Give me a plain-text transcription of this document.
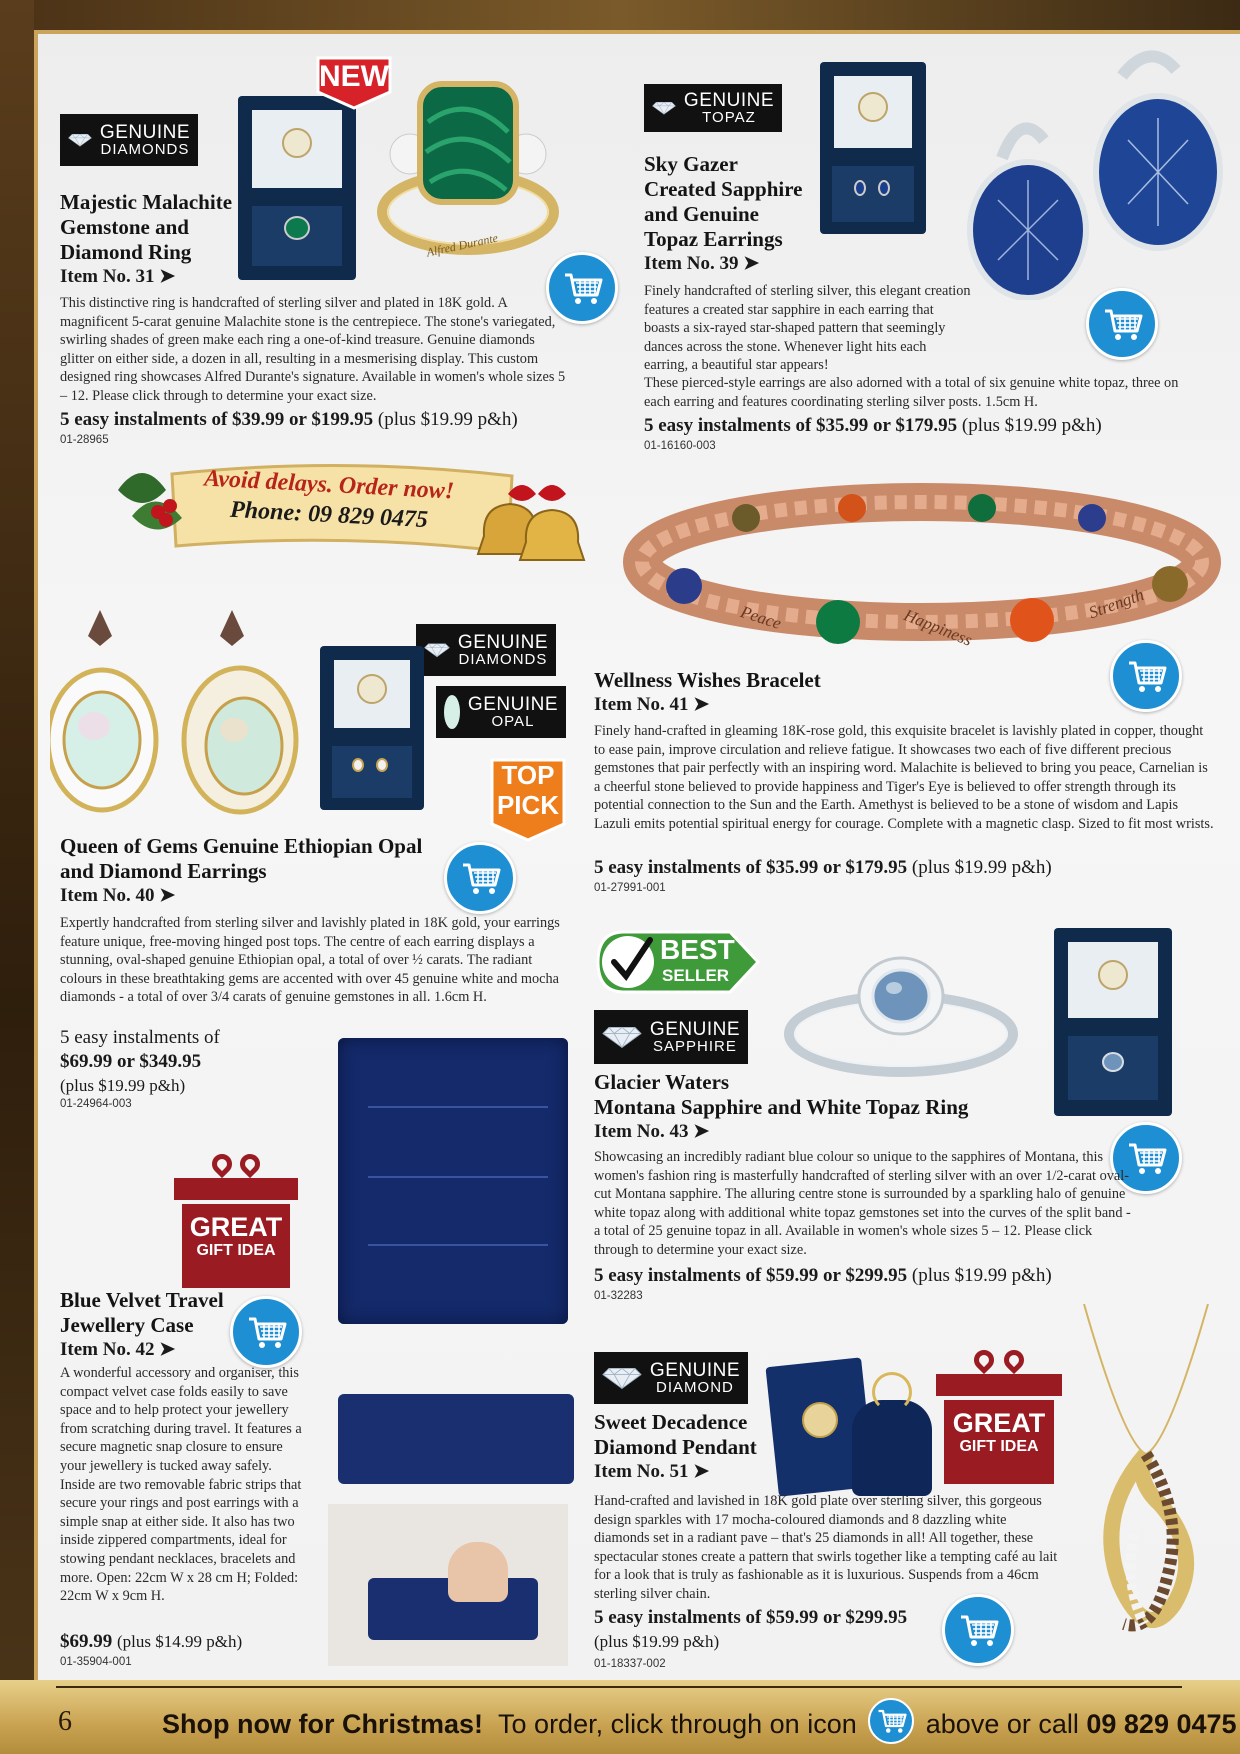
GENUINE
DIAMONDS
NEW
Alfred Durante
Majestic Malachite
Gemstone and
Diamond Ring
Item No. 31 ➤
This distinctive ring is handcrafted of sterling silver and plated in 18K gold. A magnificent 5-carat genuine Malachite stone is the centrepiece. The stone's variegated, swirling shades of green make each ring a one-of-kind treasure. Genuine diamonds glitter on either side, a dozen in all, resulting in a mesmerising display. This custom designed ring showcases Alfred Durante's signature. Available in women's whole sizes 5 – 12. Please click through to determine your exact size.
5 easy instalments of $39.99 or $199.95 (plus $19.99 p&h)
01-28965
GENUINE
TOPAZ
Sky Gazer
Created Sapphire
and Genuine
Topaz Earrings
Item No. 39 ➤
Finely handcrafted of sterling silver, this elegant creation features a created star sapphire in each earring that boasts a six-rayed star-shaped pattern that seemingly dances across the stone. Whenever light hits each earring, a beautiful star appears!
These pierced-style earrings are also adorned with a total of six genuine white topaz, three on each earring and features coordinating sterling silver posts. 1.5cm H.
5 easy instalments of $35.99 or $179.95 (plus $19.99 p&h)
01-16160-003
Avoid delays. Order now!
Phone: 09 829 0475
GENUINE
DIAMONDS
GENUINE
OPAL
TOP
PICK
Queen of Gems Genuine Ethiopian Opal
and Diamond Earrings
Item No. 40 ➤
Expertly handcrafted from sterling silver and lavishly plated in 18K gold, your earrings feature unique, free-moving hinged post tops. The centre of each earring displays a stunning, oval-shaped genuine Ethiopian opal, a total of over ½ carats. The radiant colours in these breathtaking gems are accented with over 45 genuine white and mocha diamonds - a total of over 3/4 carats of genuine gemstones in all. 1.6cm H.
5 easy instalments of
$69.99 or $349.95
(plus $19.99 p&h)
01-24964-003
Peace	Happiness
Strength
Wellness Wishes Bracelet
Item No. 41 ➤
Finely hand-crafted in gleaming 18K-rose gold, this exquisite bracelet is lavishly plated in copper, thought to ease pain, improve circulation and relieve fatigue. It showcases two each of five different precious gemstones that pair perfectly with an inspiring word. Malachite is believed to bring you peace, Carnelian is a cheerful stone believed to provide happiness and Tiger's Eye is believed to offer strength through its potential connection to the Sun and the Earth. Amethyst is believed to be a stone of wisdom and Lapis Lazuli emits potential spiritual energy for courage. Complete with a magnetic clasp. Sized to fit most wrists.
5 easy instalments of $35.99 or $179.95 (plus $19.99 p&h)
01-27991-001
GREAT
GIFT IDEA
Blue Velvet Travel
Jewellery Case
Item No. 42 ➤
A wonderful accessory and organiser, this compact velvet case folds easily to save space and to help protect your jewellery from scratching during travel. It features a secure magnetic snap closure to ensure your jewellery is tucked away safely. Inside are two removable fabric strips that secure your rings and post earrings with a simple snap at either side. It also has two inside zippered compartments, ideal for stowing pendant necklaces, bracelets and more. Open: 22cm W x 28 cm H; Folded: 22cm W x 9cm H.
$69.99 (plus $14.99 p&h)
01-35904-001
BEST
SELLER
GENUINE
SAPPHIRE
Glacier Waters
Montana Sapphire and White Topaz Ring
Item No. 43 ➤
Showcasing an incredibly radiant blue colour so unique to the sapphires of Montana, this women's fashion ring is masterfully handcrafted of sterling silver with an over 1/2-carat oval-cut Montana sapphire. The alluring centre stone is surrounded by a sparkling halo of genuine white topaz along with additional white topaz gemstones set into the curves of the split band - a total of 25 genuine topaz in all. Available in women's whole sizes 5 – 12. Please click through to determine your exact size.
5 easy instalments of $59.99 or $299.95 (plus $19.99 p&h)
01-32283
GENUINE
DIAMOND
GREAT
GIFT IDEA
Sweet Decadence
Diamond Pendant
Item No. 51 ➤
Hand-crafted and lavished in 18K gold plate over sterling silver, this gorgeous design sparkles with 17 mocha-coloured diamonds and 8 dazzling white diamonds set in a radiant pave – that's 25 diamonds in all! All together, these spectacular stones create a pattern that swirls together like a tempting café au lait for a look that is truly as fashionable as it is luxurious. Suspends from a 46cm sterling silver chain.
5 easy instalments of $59.99 or $299.95
(plus $19.99 p&h)
01-18337-002
6	Shop now for Christmas! To order, click through on icon	above or call 09 829 0475
